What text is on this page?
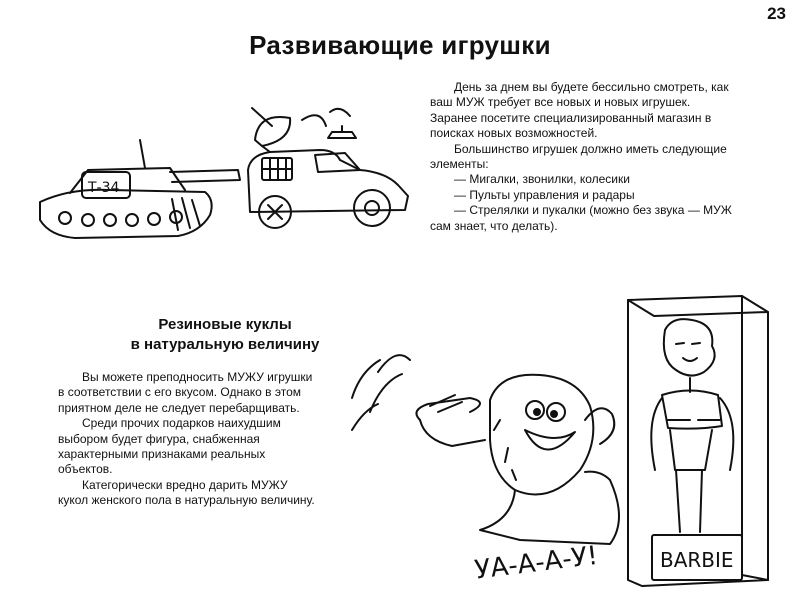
23
Развивающие игрушки

День за днем вы будете бессильно смотреть, как

ваш МУЖ требует все новых и новых игрушек.

Заранее посетите специализированный магазин в

поисках новых возможностей.

Большинство игрушек должно иметь следующие

элементы:

— Мигалки, звонилки, колесики

— Пульты управления и радары

— Стрелялки и пукалки (можно без звука — МУЖ

сам знает, что делать).

Резиновые куклы
в натуральную величину

Вы можете преподносить МУЖУ игрушки

в соответствии с его вкусом. Однако в этом

приятном деле не следует перебарщивать.

Среди прочих подарков наихудшим

выбором будет фигура, снабженная

характерными признаками реальных

объектов.

Категорически вредно дарить МУЖУ

кукол женского пола в натуральную величину.

Т-34
УА-А-А-У!	BARBIE
